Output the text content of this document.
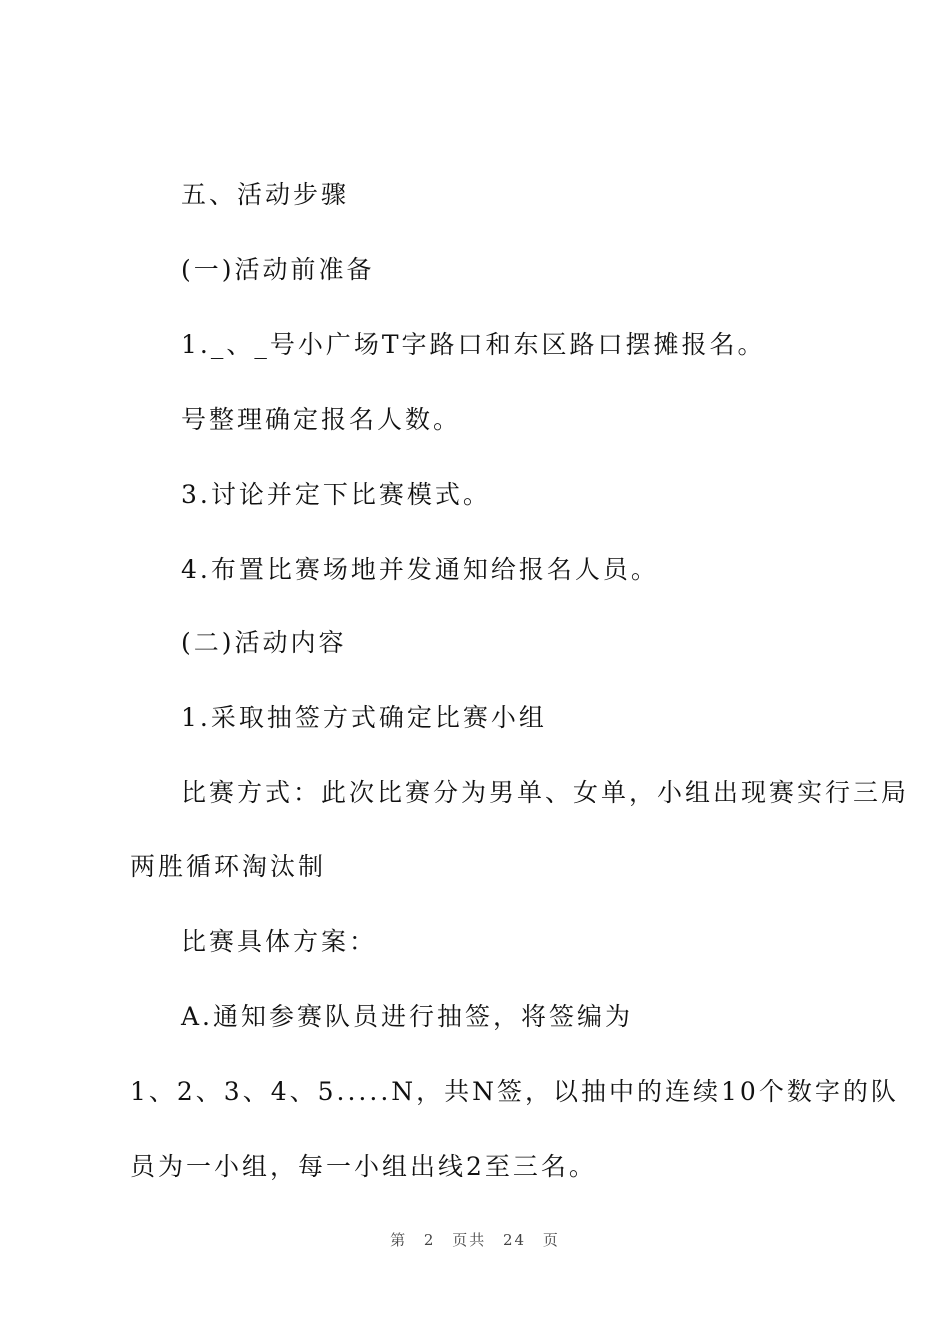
五、活动步骤
(一)活动前准备
1._、_号小广场T字路口和东区路口摆摊报名。
号整理确定报名人数。
3.讨论并定下比赛模式。
4.布置比赛场地并发通知给报名人员。
(二)活动内容
1.采取抽签方式确定比赛小组
比赛方式：此次比赛分为男单、女单，小组出现赛实行三局
两胜循环淘汰制
比赛具体方案：
A.通知参赛队员进行抽签，将签编为
1、2、3、4、5.....N，共N签，以抽中的连续10个数字的队
员为一小组，每一小组出线2至三名。
第 2 页共 24 页
